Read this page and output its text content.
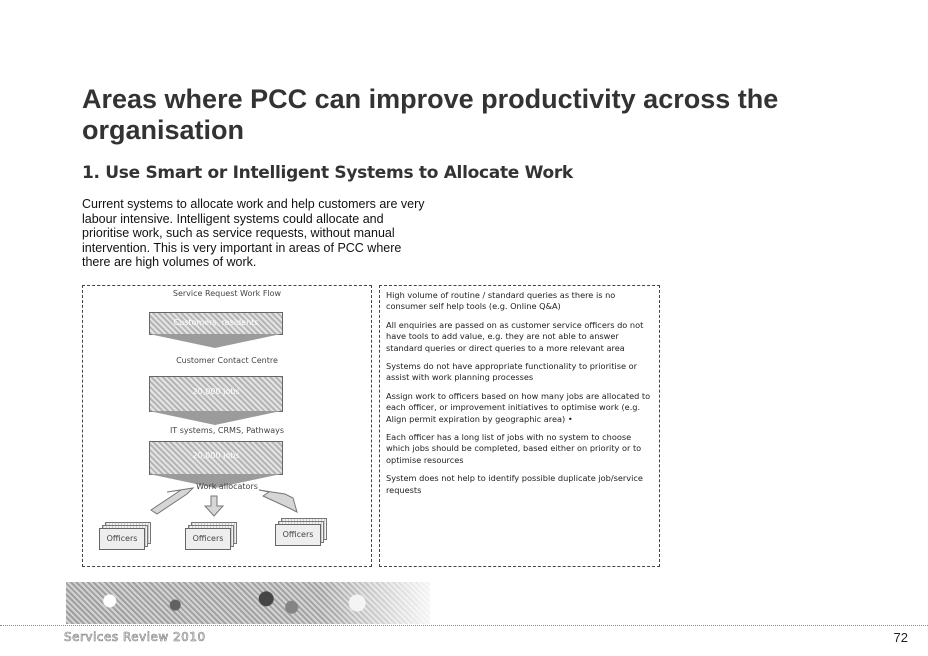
Areas where PCC can improve productivity across the organisation
1. Use Smart or Intelligent Systems to Allocate Work

Current systems to allocate work and help customers are very labour intensive. Intelligent systems could allocate and prioritise work, such as service requests, without manual intervention. This is very important in areas of PCC where there are high volumes of work.

Service Request Work Flow
Customers, residents
Customer Contact Centre
20,000 jobs
IT systems, CRMS, Pathways
20,000 jobs
Work allocators
Officers	Officers	Officers

High volume of routine / standard queries as there is no consumer self help tools (e.g. Online Q&A)

All enquiries are passed on as customer service officers do not have tools to add value, e.g. they are not able to answer standard queries or direct queries to a more relevant area

Systems do not have appropriate functionality to prioritise or assist with work planning processes

Assign work to officers based on how many jobs are allocated to each officer, or improvement initiatives to optimise work (e.g. Align permit expiration by geographic area) •

Each officer has a long list of jobs with no system to choose which jobs should be completed, based either on priority or to optimise resources

System does not help to identify possible duplicate job/service requests

Services Review 2010	72
